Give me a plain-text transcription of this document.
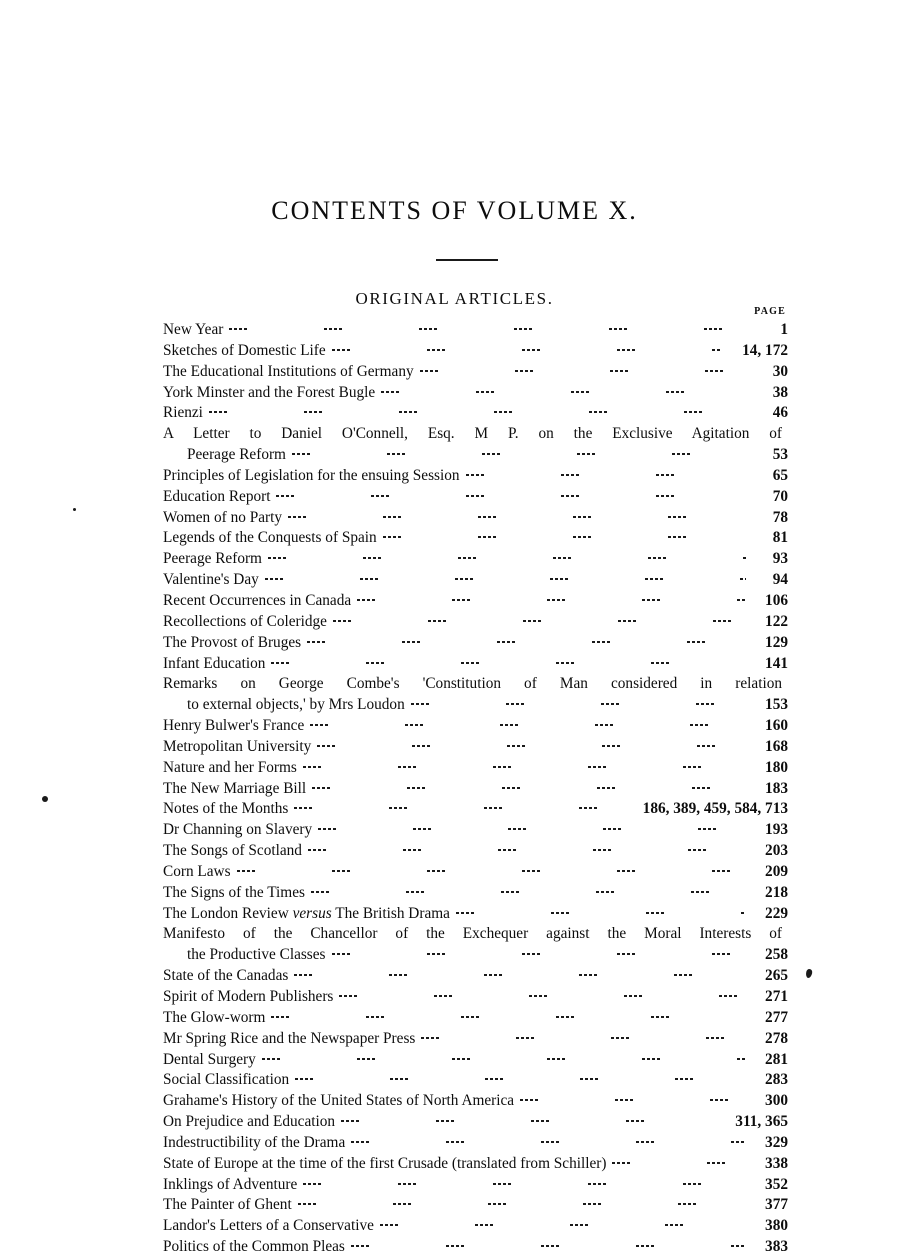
CONTENTS OF VOLUME X.
ORIGINAL ARTICLES.
PAGE
New Year	1
Sketches of Domestic Life	14, 172
The Educational Institutions of Germany	30
York Minster and the Forest Bugle	38
Rienzi	46
A Letter to Daniel O'Connell, Esq. M P. on the Exclusive Agitation of
Peerage Reform	53
Principles of Legislation for the ensuing Session	65
Education Report	70
Women of no Party	78
Legends of the Conquests of Spain	81
Peerage Reform	93
Valentine's Day	94
Recent Occurrences in Canada	106
Recollections of Coleridge	122
The Provost of Bruges	129
Infant Education	141
Remarks on George Combe's 'Constitution of Man considered in relation
to external objects,' by Mrs Loudon	153
Henry Bulwer's France	160
Metropolitan University	168
Nature and her Forms	180
The New Marriage Bill	183
Notes of the Months	186, 389, 459, 584, 713
Dr Channing on Slavery	193
The Songs of Scotland	203
Corn Laws	209
The Signs of the Times	218
The London Review versus The British Drama	229
Manifesto of the Chancellor of the Exchequer against the Moral Interests of
the Productive Classes	258
State of the Canadas	265
Spirit of Modern Publishers	271
The Glow-worm	277
Mr Spring Rice and the Newspaper Press	278
Dental Surgery	281
Social Classification	283
Grahame's History of the United States of North America	300
On Prejudice and Education	311, 365
Indestructibility of the Drama	329
State of Europe at the time of the first Crusade (translated from Schiller)	338
Inklings of Adventure	352
The Painter of Ghent	377
Landor's Letters of a Conservative	380
Politics of the Common Pleas	383
